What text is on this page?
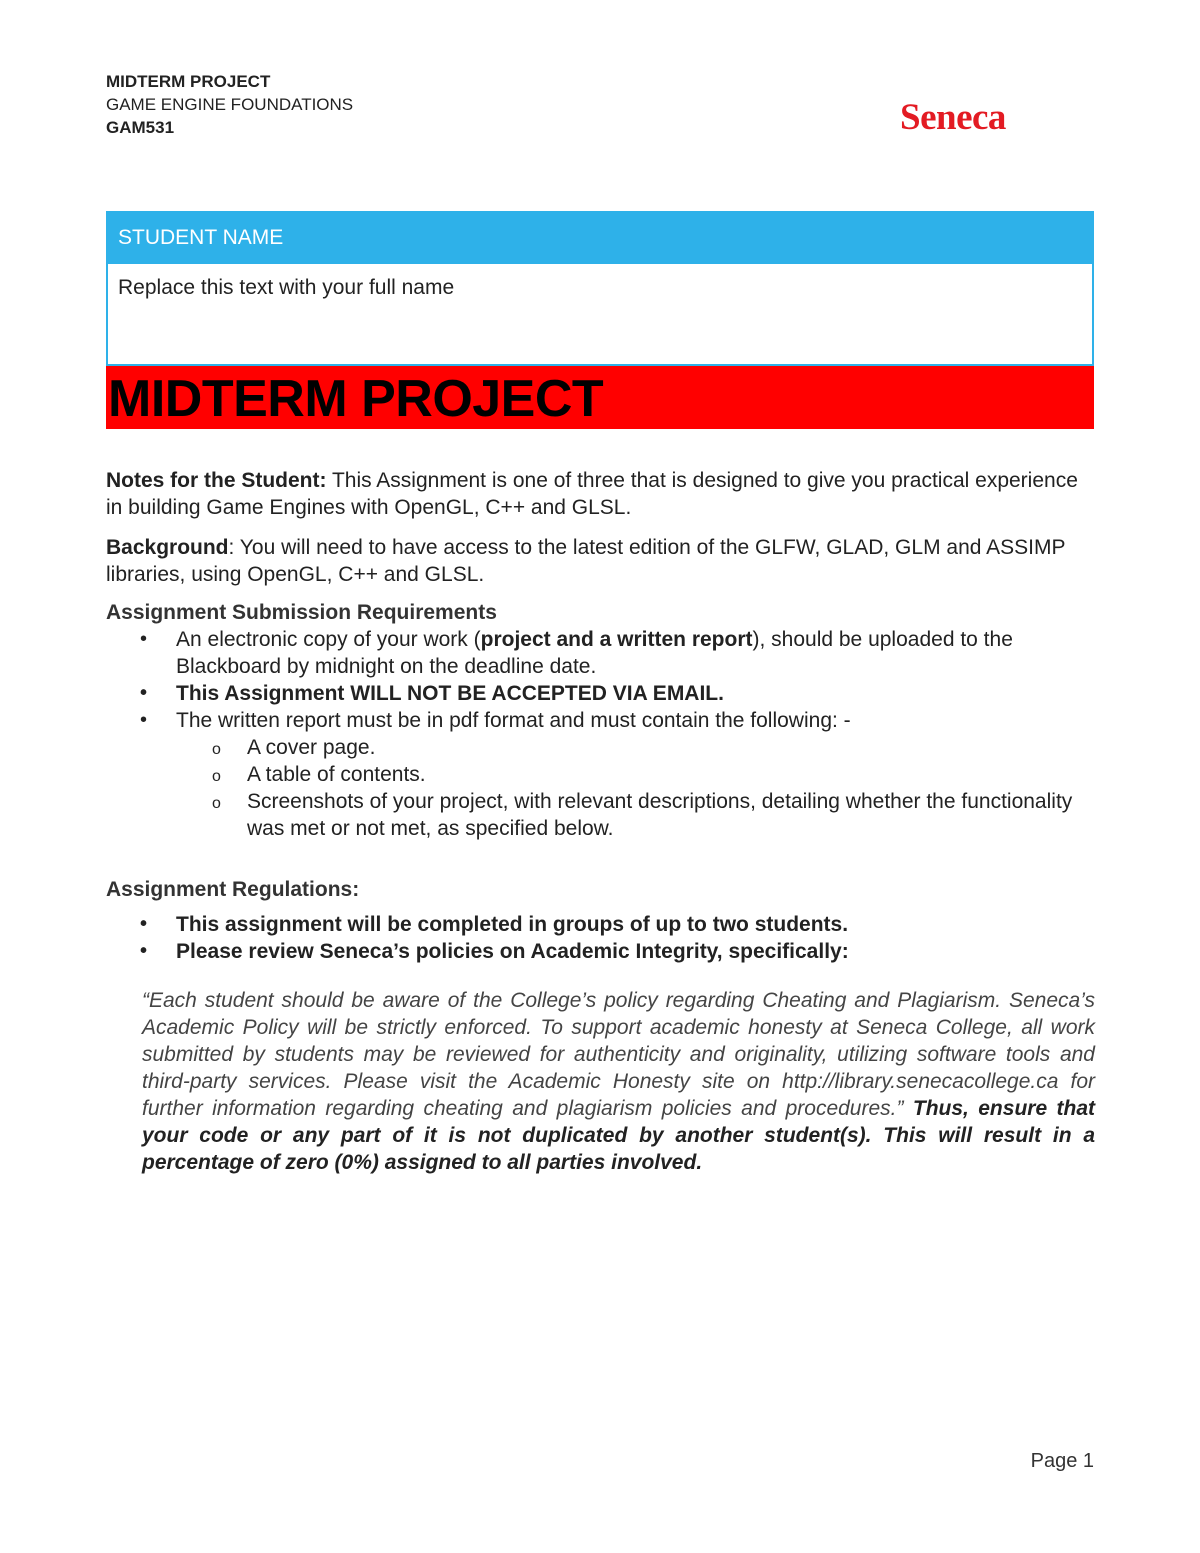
MIDTERM PROJECT
GAME ENGINE FOUNDATIONS
GAM531	Seneca
STUDENT NAME
Replace this text with your full name
MIDTERM PROJECT

Notes for the Student: This Assignment is one of three that is designed to give you practical experience in building Game Engines with OpenGL, C++ and GLSL.

Background: You will need to have access to the latest edition of the GLFW, GLAD, GLM and ASSIMP libraries, using OpenGL, C++ and GLSL.

Assignment Submission Requirements

• An electronic copy of your work (project and a written report), should be uploaded to the Blackboard by midnight on the deadline date.
• This Assignment WILL NOT BE ACCEPTED VIA EMAIL.
• The written report must be in pdf format and must contain the following: -
o A cover page.
o A table of contents.
o Screenshots of your project, with relevant descriptions, detailing whether the functionality was met or not met, as specified below.

Assignment Regulations:

• This assignment will be completed in groups of up to two students.
• Please review Seneca’s policies on Academic Integrity, specifically:

“Each student should be aware of the College’s policy regarding Cheating and Plagiarism. Seneca’s Academic Policy will be strictly enforced. To support academic honesty at Seneca College, all work submitted by students may be reviewed for authenticity and originality, utilizing software tools and third-party services. Please visit the Academic Honesty site on http://library.senecacollege.ca for further information regarding cheating and plagiarism policies and procedures.” Thus, ensure that your code or any part of it is not duplicated by another student(s). This will result in a percentage of zero (0%) assigned to all parties involved.

Page 1
